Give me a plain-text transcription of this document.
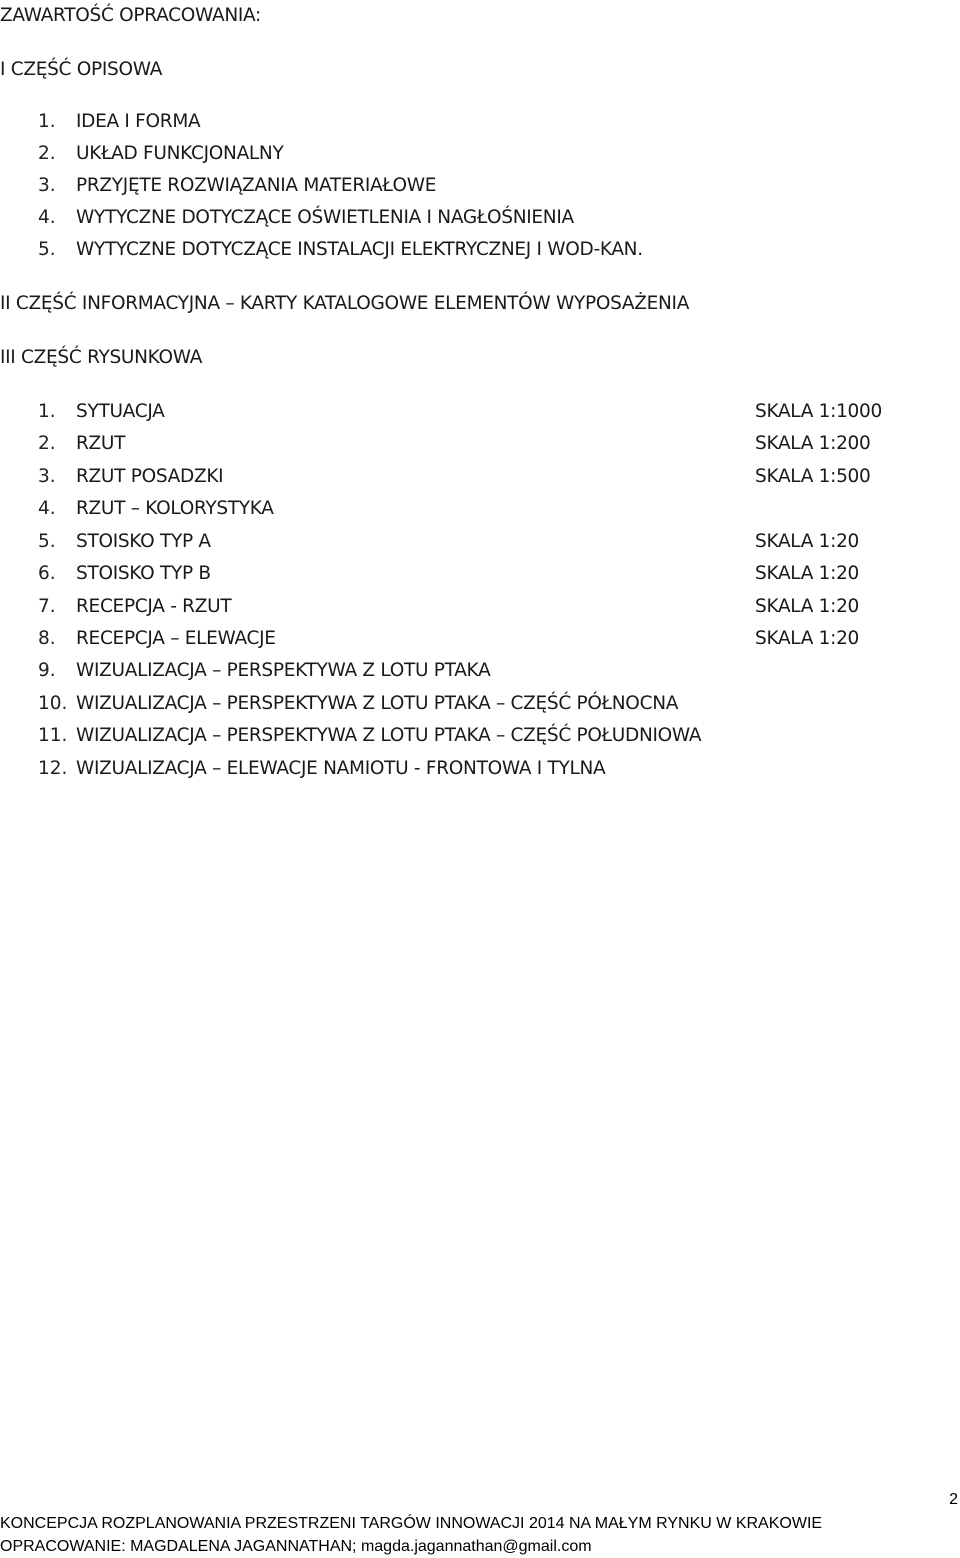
ZAWARTOŚĆ OPRACOWANIA:
I CZĘŚĆ OPISOWA
1. IDEA I FORMA
2. UKŁAD FUNKCJONALNY
3. PRZYJĘTE ROZWIĄZANIA MATERIAŁOWE
4. WYTYCZNE DOTYCZĄCE OŚWIETLENIA I NAGŁOŚNIENIA
5. WYTYCZNE DOTYCZĄCE INSTALACJI ELEKTRYCZNEJ I WOD-KAN.
II CZĘŚĆ INFORMACYJNA – KARTY KATALOGOWE ELEMENTÓW WYPOSAŻENIA
III CZĘŚĆ RYSUNKOWA
1. SYTUACJA	SKALA 1:1000
2. RZUT	SKALA 1:200
3. RZUT POSADZKI	SKALA 1:500
4. RZUT – KOLORYSTYKA
5. STOISKO TYP A	SKALA 1:20
6. STOISKO TYP B	SKALA 1:20
7. RECEPCJA - RZUT	SKALA 1:20
8. RECEPCJA – ELEWACJE	SKALA 1:20
9. WIZUALIZACJA – PERSPEKTYWA Z LOTU PTAKA
10. WIZUALIZACJA – PERSPEKTYWA Z LOTU PTAKA – CZĘŚĆ PÓŁNOCNA
11. WIZUALIZACJA – PERSPEKTYWA Z LOTU PTAKA – CZĘŚĆ POŁUDNIOWA
12. WIZUALIZACJA – ELEWACJE NAMIOTU - FRONTOWA I TYLNA
2
KONCEPCJA ROZPLANOWANIA PRZESTRZENI TARGÓW INNOWACJI 2014 NA MAŁYM RYNKU W KRAKOWIE
OPRACOWANIE: MAGDALENA JAGANNATHAN; magda.jagannathan@gmail.com
